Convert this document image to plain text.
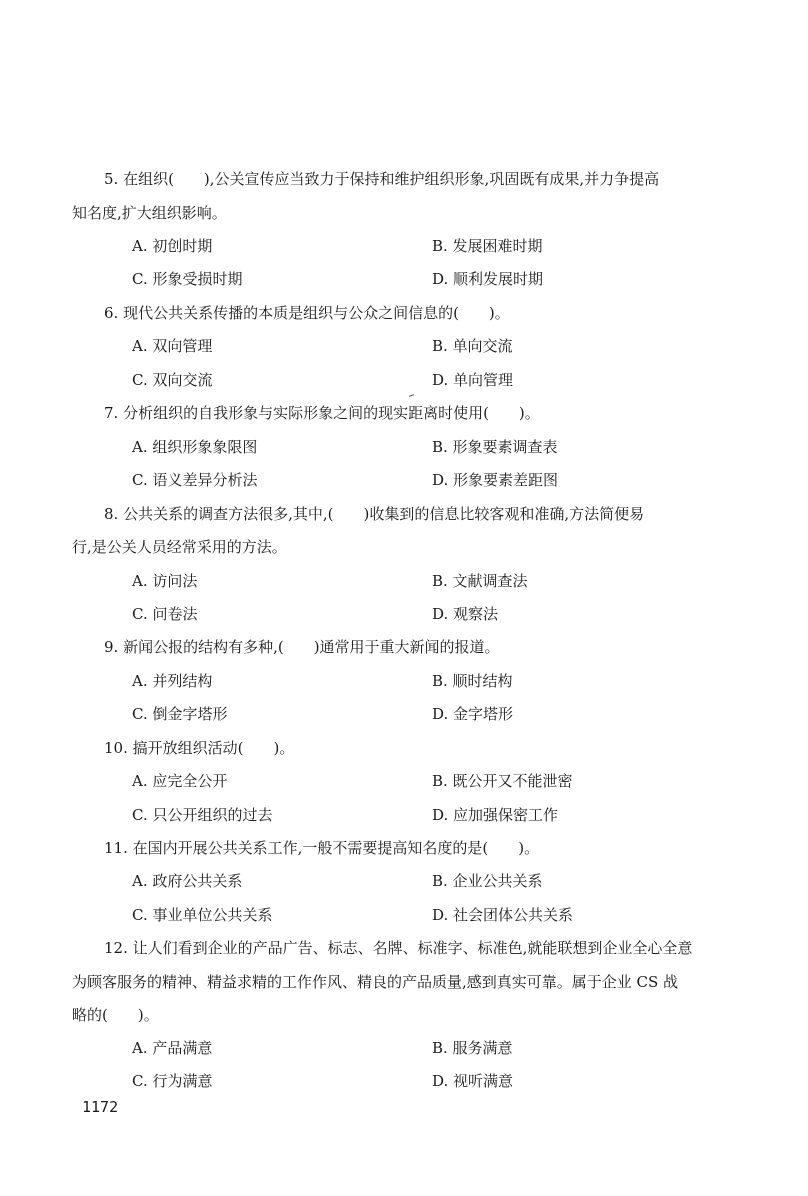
5. 在组织(　　),公关宣传应当致力于保持和维护组织形象,巩固既有成果,并力争提高
知名度,扩大组织影响。
A. 初创时期	B. 发展困难时期
C. 形象受损时期	D. 顺利发展时期
6. 现代公共关系传播的本质是组织与公众之间信息的(　　)。
A. 双向管理	B. 单向交流
C. 双向交流	D. 单向管理
7. 分析组织的自我形象与实际形象之间的现实距离时使用(　　)。
A. 组织形象象限图	B. 形象要素调查表
C. 语义差异分析法	D. 形象要素差距图
8. 公共关系的调查方法很多,其中,(　　)收集到的信息比较客观和准确,方法简便易
行,是公关人员经常采用的方法。
A. 访问法	B. 文献调查法
C. 问卷法	D. 观察法
9. 新闻公报的结构有多种,(　　)通常用于重大新闻的报道。
A. 并列结构	B. 顺时结构
C. 倒金字塔形	D. 金字塔形
10. 搞开放组织活动(　　)。
A. 应完全公开	B. 既公开又不能泄密
C. 只公开组织的过去	D. 应加强保密工作
11. 在国内开展公共关系工作,一般不需要提高知名度的是(　　)。
A. 政府公共关系	B. 企业公共关系
C. 事业单位公共关系	D. 社会团体公共关系
12. 让人们看到企业的产品广告、标志、名牌、标准字、标准色,就能联想到企业全心全意
为顾客服务的精神、精益求精的工作作风、精良的产品质量,感到真实可靠。属于企业 CS 战
略的(　　)。
A. 产品满意	B. 服务满意
C. 行为满意	D. 视听满意
1172
